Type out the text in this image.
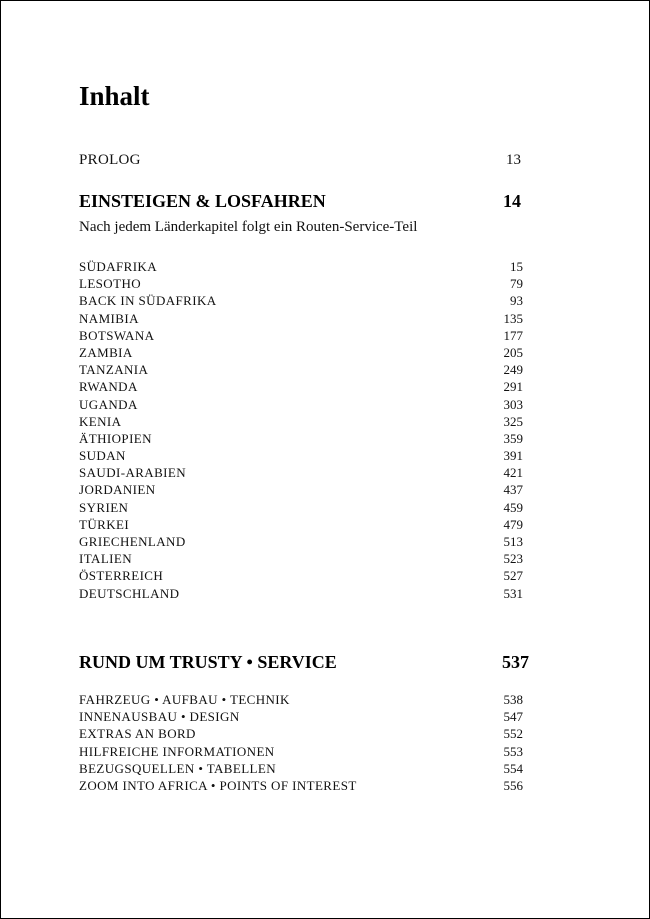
Inhalt
PROLOG	13
EINSTEIGEN & LOSFAHREN	14
Nach jedem Länderkapitel folgt ein Routen-Service-Teil
SÜDAFRIKA	15
LESOTHO	79
BACK IN SÜDAFRIKA	93
NAMIBIA	135
BOTSWANA	177
ZAMBIA	205
TANZANIA	249
RWANDA	291
UGANDA	303
KENIA	325
ÄTHIOPIEN	359
SUDAN	391
SAUDI-ARABIEN	421
JORDANIEN	437
SYRIEN	459
TÜRKEI	479
GRIECHENLAND	513
ITALIEN	523
ÖSTERREICH	527
DEUTSCHLAND	531
RUND UM TRUSTY • SERVICE	537
FAHRZEUG • AUFBAU • TECHNIK	538
INNENAUSBAU • DESIGN	547
EXTRAS AN BORD	552
HILFREICHE INFORMATIONEN	553
BEZUGSQUELLEN • TABELLEN	554
ZOOM INTO AFRICA • POINTS OF INTEREST	556
